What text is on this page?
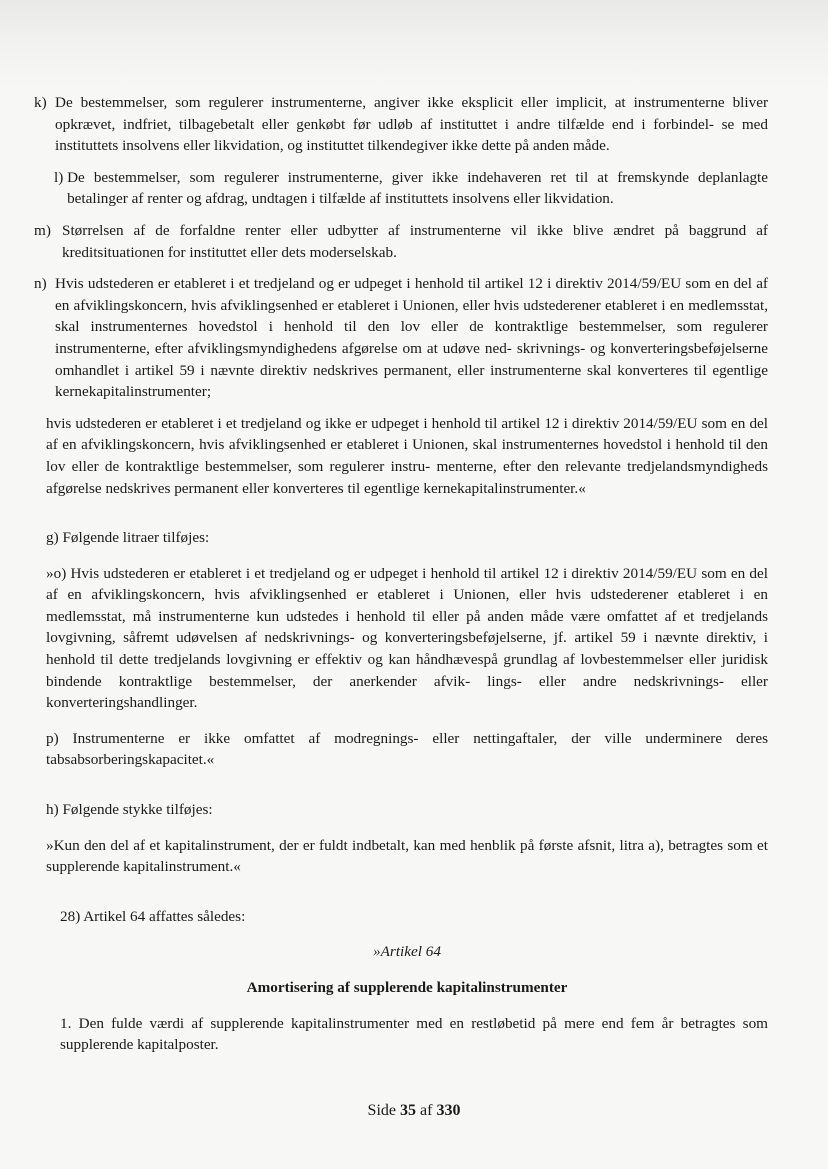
k) De bestemmelser, som regulerer instrumenterne, angiver ikke eksplicit eller implicit, at instrumenterne bliver opkrævet, indfriet, tilbagebetalt eller genkøbt før udløb af instituttet i andre tilfælde end i forbindel- se med instituttets insolvens eller likvidation, og instituttet tilkendegiver ikke dette på anden måde.
l)
De bestemmelser, som regulerer instrumenterne, giver ikke indehaveren ret til at fremskynde deplanlagte betalinger af renter og afdrag, undtagen i tilfælde af instituttets insolvens eller likvidation.
m) Størrelsen af de forfaldne renter eller udbytter af instrumenterne vil ikke blive ændret på baggrund af kreditsituationen for instituttet eller dets moderselskab.
n) Hvis udstederen er etableret i et tredjeland og er udpeget i henhold til artikel 12 i direktiv 2014/59/EU som en del af en afviklingskoncern, hvis afviklingsenhed er etableret i Unionen, eller hvis udstederener etableret i en medlemsstat, skal instrumenternes hovedstol i henhold til den lov eller de kontraktlige bestemmelser, som regulerer instrumenterne, efter afviklingsmyndighedens afgørelse om at udøve ned- skrivnings- og konverteringsbeføjelserne omhandlet i artikel 59 i nævnte direktiv nedskrives permanent, eller instrumenterne skal konverteres til egentlige kernekapitalinstrumenter;

hvis udstederen er etableret i et tredjeland og ikke er udpeget i henhold til artikel 12 i direktiv 2014/59/EU som en del af en afviklingskoncern, hvis afviklingsenhed er etableret i Unionen, skal instrumenternes hovedstol i henhold til den lov eller de kontraktlige bestemmelser, som regulerer instru- menterne, efter den relevante tredjelandsmyndigheds afgørelse nedskrives permanent eller konverteres til egentlige kernekapitalinstrumenter.«

g) Følgende litraer tilføjes:

»o) Hvis udstederen er etableret i et tredjeland og er udpeget i henhold til artikel 12 i direktiv 2014/59/EU som en del af en afviklingskoncern, hvis afviklingsenhed er etableret i Unionen, eller hvis udstederener etableret i en medlemsstat, må instrumenterne kun udstedes i henhold til eller på anden måde være omfattet af et tredjelands lovgivning, såfremt udøvelsen af nedskrivnings- og konverteringsbeføjelserne, jf. artikel 59 i nævnte direktiv, i henhold til dette tredjelands lovgivning er effektiv og kan håndhævespå grundlag af lovbestemmelser eller juridisk bindende kontraktlige bestemmelser, der anerkender afvik- lings- eller andre nedskrivnings- eller konverteringshandlinger.

p) Instrumenterne er ikke omfattet af modregnings- eller nettingaftaler, der ville underminere deres tabsabsorberingskapacitet.«

h) Følgende stykke tilføjes:

»Kun den del af et kapitalinstrument, der er fuldt indbetalt, kan med henblik på første afsnit, litra a), betragtes som et supplerende kapitalinstrument.«

28) Artikel 64 affattes således:

»Artikel 64

Amortisering af supplerende kapitalinstrumenter

1. Den fulde værdi af supplerende kapitalinstrumenter med en restløbetid på mere end fem år betragtes som supplerende kapitalposter.

Side 35 af 330
